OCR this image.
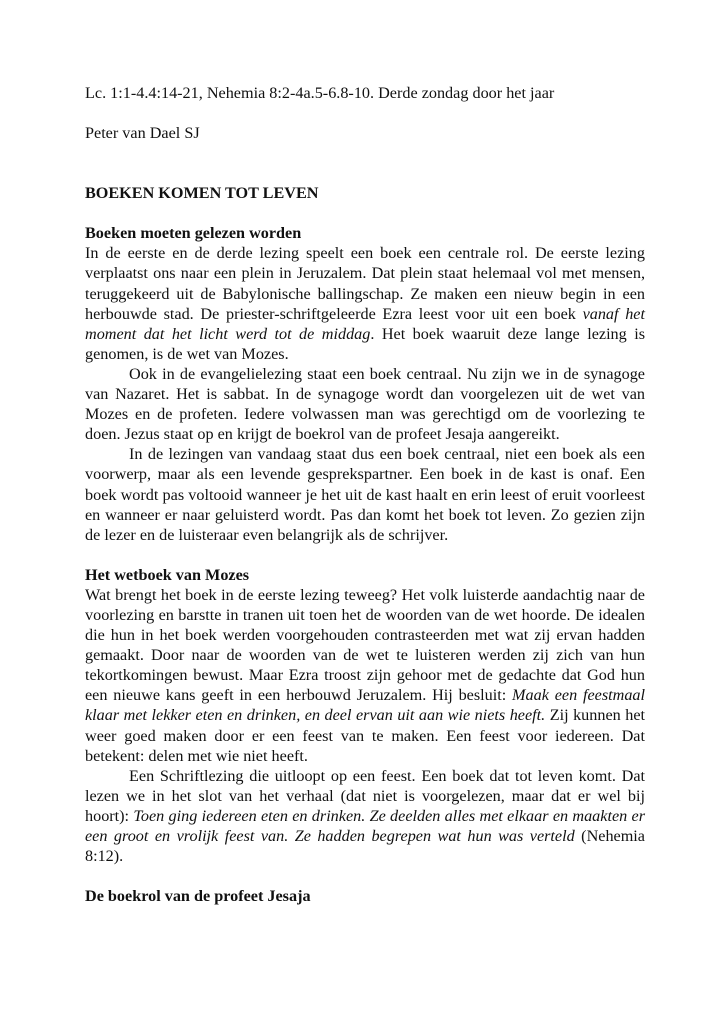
Lc. 1:1-4.4:14-21, Nehemia 8:2-4a.5-6.8-10. Derde zondag door het jaar
Peter van Dael SJ
BOEKEN KOMEN TOT LEVEN
Boeken moeten gelezen worden

In de eerste en de derde lezing speelt een boek een centrale rol. De eerste lezing verplaatst ons naar een plein in Jeruzalem. Dat plein staat helemaal vol met mensen, teruggekeerd uit de Babylonische ballingschap. Ze maken een nieuw begin in een herbouwde stad. De priester-schriftgeleerde Ezra leest voor uit een boek vanaf het moment dat het licht werd tot de middag. Het boek waaruit deze lange lezing is genomen, is de wet van Mozes.

Ook in de evangelielezing staat een boek centraal. Nu zijn we in de synagoge van Nazaret. Het is sabbat. In de synagoge wordt dan voorgelezen uit de wet van Mozes en de profeten. Iedere volwassen man was gerechtigd om de voorlezing te doen. Jezus staat op en krijgt de boekrol van de profeet Jesaja aangereikt.

In de lezingen van vandaag staat dus een boek centraal, niet een boek als een voorwerp, maar als een levende gesprekspartner. Een boek in de kast is onaf. Een boek wordt pas voltooid wanneer je het uit de kast haalt en erin leest of eruit voorleest en wanneer er naar geluisterd wordt. Pas dan komt het boek tot leven. Zo gezien zijn de lezer en de luisteraar even belangrijk als de schrijver.

Het wetboek van Mozes

Wat brengt het boek in de eerste lezing teweeg? Het volk luisterde aandachtig naar de voorlezing en barstte in tranen uit toen het de woorden van de wet hoorde. De idealen die hun in het boek werden voorgehouden contrasteerden met wat zij ervan hadden gemaakt. Door naar de woorden van de wet te luisteren werden zij zich van hun tekortkomingen bewust. Maar Ezra troost zijn gehoor met de gedachte dat God hun een nieuwe kans geeft in een herbouwd Jeruzalem. Hij besluit: Maak een feestmaal klaar met lekker eten en drinken, en deel ervan uit aan wie niets heeft. Zij kunnen het weer goed maken door er een feest van te maken. Een feest voor iedereen. Dat betekent: delen met wie niet heeft.

Een Schriftlezing die uitloopt op een feest. Een boek dat tot leven komt. Dat lezen we in het slot van het verhaal (dat niet is voorgelezen, maar dat er wel bij hoort): Toen ging iedereen eten en drinken. Ze deelden alles met elkaar en maakten er een groot en vrolijk feest van. Ze hadden begrepen wat hun was verteld (Nehemia 8:12).

De boekrol van de profeet Jesaja
